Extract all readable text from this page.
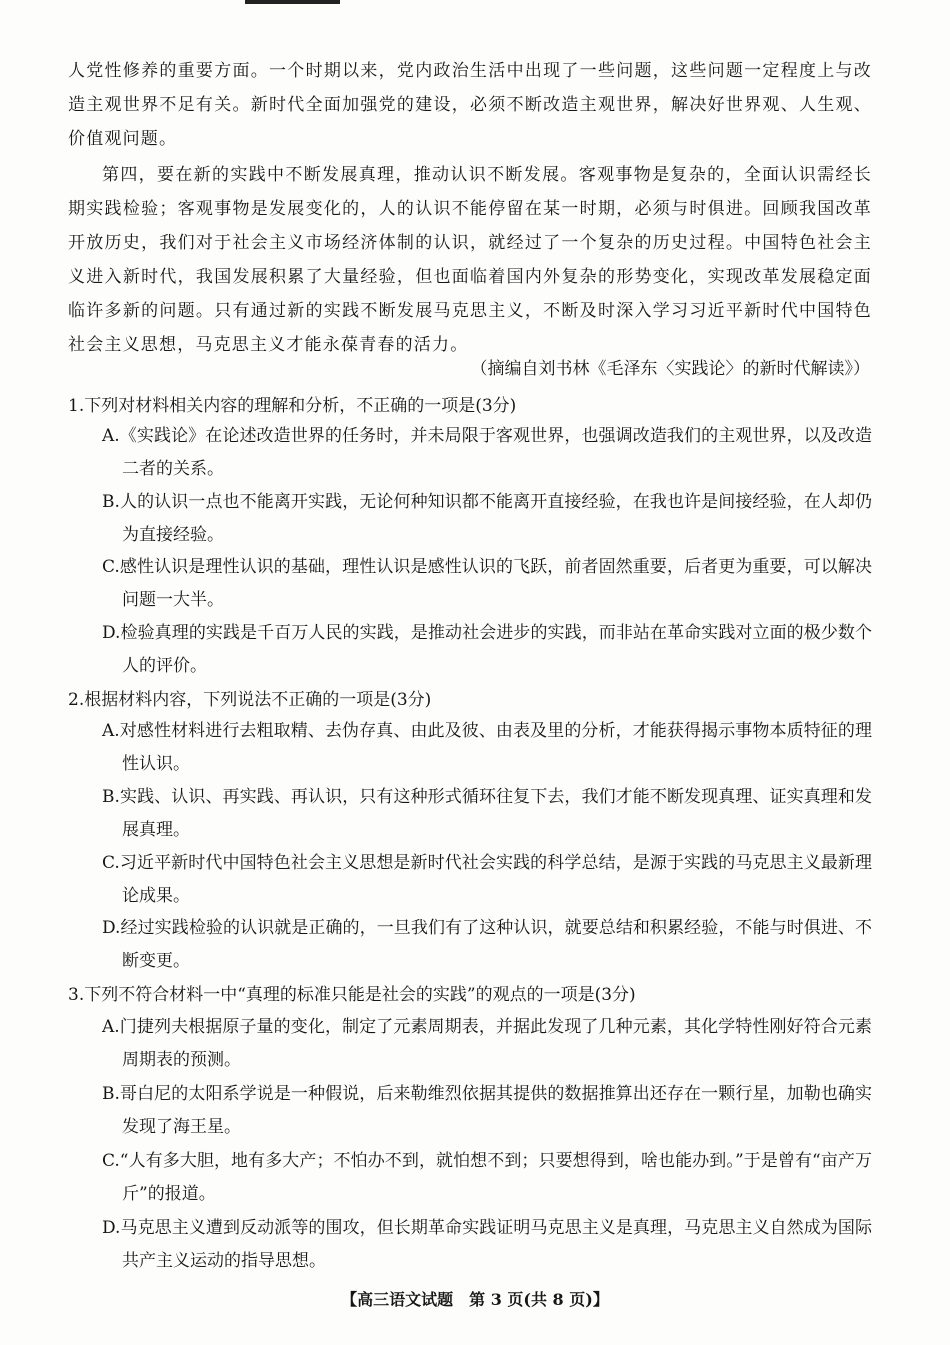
人党性修养的重要方面。一个时期以来，党内政治生活中出现了一些问题，这些问题一定程度上与改造主观世界不足有关。新时代全面加强党的建设，必须不断改造主观世界，解决好世界观、人生观、价值观问题。
第四，要在新的实践中不断发展真理，推动认识不断发展。客观事物是复杂的，全面认识需经长期实践检验；客观事物是发展变化的，人的认识不能停留在某一时期，必须与时俱进。回顾我国改革开放历史，我们对于社会主义市场经济体制的认识，就经过了一个复杂的历史过程。中国特色社会主义进入新时代，我国发展积累了大量经验，但也面临着国内外复杂的形势变化，实现改革发展稳定面临许多新的问题。只有通过新的实践不断发展马克思主义，不断及时深入学习习近平新时代中国特色社会主义思想，马克思主义才能永葆青春的活力。
（摘编自刘书林《毛泽东〈实践论〉的新时代解读》）
1.下列对材料相关内容的理解和分析，不正确的一项是(3分)
A.《实践论》在论述改造世界的任务时，并未局限于客观世界，也强调改造我们的主观世界，以及改造二者的关系。
B.人的认识一点也不能离开实践，无论何种知识都不能离开直接经验，在我也许是间接经验，在人却仍为直接经验。
C.感性认识是理性认识的基础，理性认识是感性认识的飞跃，前者固然重要，后者更为重要，可以解决问题一大半。
D.检验真理的实践是千百万人民的实践，是推动社会进步的实践，而非站在革命实践对立面的极少数个人的评价。
2.根据材料内容，下列说法不正确的一项是(3分)
A.对感性材料进行去粗取精、去伪存真、由此及彼、由表及里的分析，才能获得揭示事物本质特征的理性认识。
B.实践、认识、再实践、再认识，只有这种形式循环往复下去，我们才能不断发现真理、证实真理和发展真理。
C.习近平新时代中国特色社会主义思想是新时代社会实践的科学总结，是源于实践的马克思主义最新理论成果。
D.经过实践检验的认识就是正确的，一旦我们有了这种认识，就要总结和积累经验，不能与时俱进、不断变更。
3.下列不符合材料一中“真理的标准只能是社会的实践”的观点的一项是(3分)
A.门捷列夫根据原子量的变化，制定了元素周期表，并据此发现了几种元素，其化学特性刚好符合元素周期表的预测。
B.哥白尼的太阳系学说是一种假说，后来勒维烈依据其提供的数据推算出还存在一颗行星，加勒也确实发现了海王星。
C.“人有多大胆，地有多大产；不怕办不到，就怕想不到；只要想得到，啥也能办到。”于是曾有“亩产万斤”的报道。
D.马克思主义遭到反动派等的围攻，但长期革命实践证明马克思主义是真理，马克思主义自然成为国际共产主义运动的指导思想。
【高三语文试题　第 3 页(共 8 页)】
